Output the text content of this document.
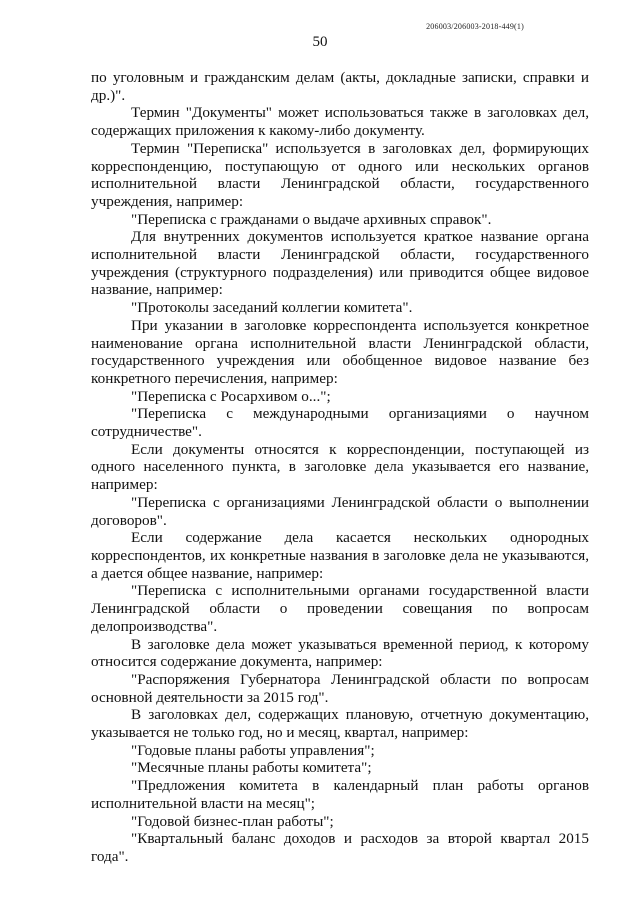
206003/206003-2018-449(1)
50

по уголовным и гражданским делам (акты, докладные записки, справки и др.)".

Термин "Документы" может использоваться также в заголовках дел, содержащих приложения к какому-либо документу.

Термин "Переписка" используется в заголовках дел, формирующих корреспонденцию, поступающую от одного или нескольких органов исполнительной власти Ленинградской области, государственного учреждения, например:

"Переписка с гражданами о выдаче архивных справок".

Для внутренних документов используется краткое название органа исполнительной власти Ленинградской области, государственного учреждения (структурного подразделения) или приводится общее видовое название, например:

"Протоколы заседаний коллегии комитета".

При указании в заголовке корреспондента используется конкретное наименование органа исполнительной власти Ленинградской области, государственного учреждения или обобщенное видовое название без конкретного перечисления, например:

"Переписка с Росархивом о...";

"Переписка с международными организациями о научном сотрудничестве".

Если документы относятся к корреспонденции, поступающей из одного населенного пункта, в заголовке дела указывается его название, например:

"Переписка с организациями Ленинградской области о выполнении договоров".

Если содержание дела касается нескольких однородных корреспондентов, их конкретные названия в заголовке дела не указываются, а дается общее название, например:

"Переписка с исполнительными органами государственной власти Ленинградской области о проведении совещания по вопросам делопроизводства".

В заголовке дела может указываться временной период, к которому относится содержание документа, например:

"Распоряжения Губернатора Ленинградской области по вопросам основной деятельности за 2015 год".

В заголовках дел, содержащих плановую, отчетную документацию, указывается не только год, но и месяц, квартал, например:

"Годовые планы работы управления";

"Месячные планы работы комитета";

"Предложения комитета в календарный план работы органов исполнительной власти на месяц";

"Годовой бизнес-план работы";

"Квартальный баланс доходов и расходов за второй квартал 2015 года".
